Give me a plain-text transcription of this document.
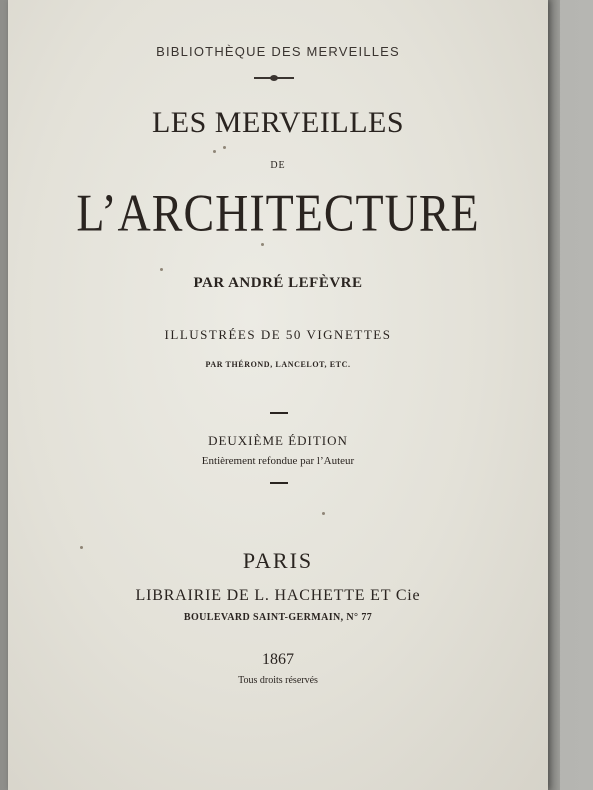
BIBLIOTHÈQUE DES MERVEILLES
LES MERVEILLES
DE
L’ARCHITECTURE
PAR ANDRÉ LEFÈVRE
ILLUSTRÉES DE 50 VIGNETTES
PAR THÉROND, LANCELOT, ETC.
DEUXIÈME ÉDITION
Entièrement refondue par l’Auteur
PARIS
LIBRAIRIE DE L. HACHETTE ET Cie
BOULEVARD SAINT-GERMAIN, N° 77
1867
Tous droits réservés
